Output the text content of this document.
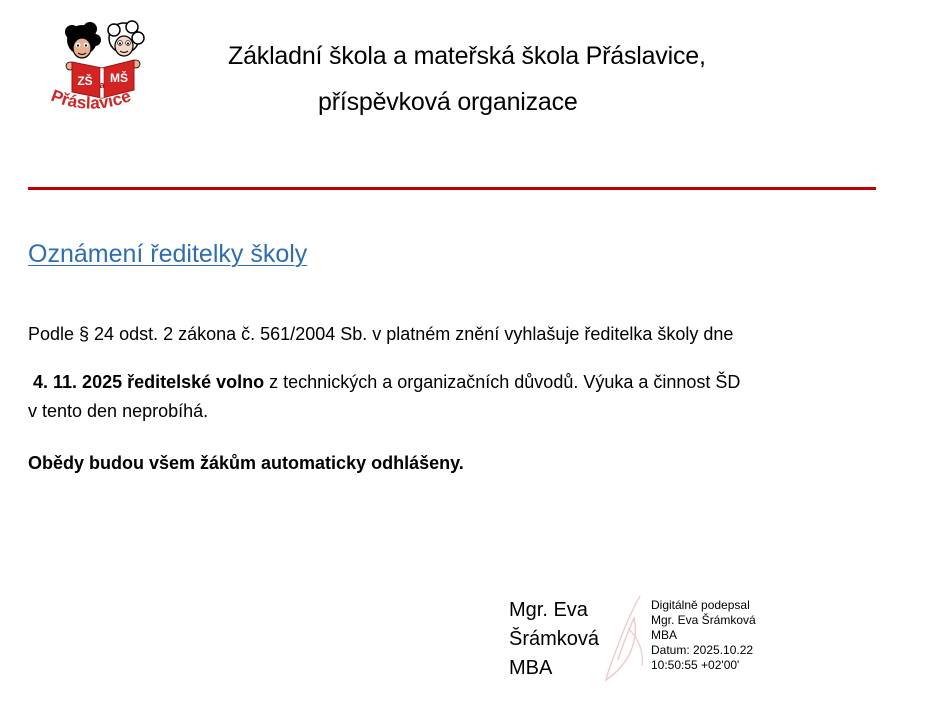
ZŠ a MŠ
Přáslavice
Základní škola a mateřská škola Přáslavice,
příspěvková organizace
Oznámení ředitelky školy
Podle § 24 odst. 2 zákona č. 561/2004 Sb. v platném znění vyhlašuje ředitelka školy dne
4. 11. 2025 ředitelské volno z technických a organizačních důvodů. Výuka a činnost ŠD
v tento den neprobíhá.
Obědy budou všem žákům automaticky odhlášeny.
Mgr. Eva
Šrámková
MBA
Digitálně podepsal
Mgr. Eva Šrámková
MBA
Datum: 2025.10.22
10:50:55 +02'00'
